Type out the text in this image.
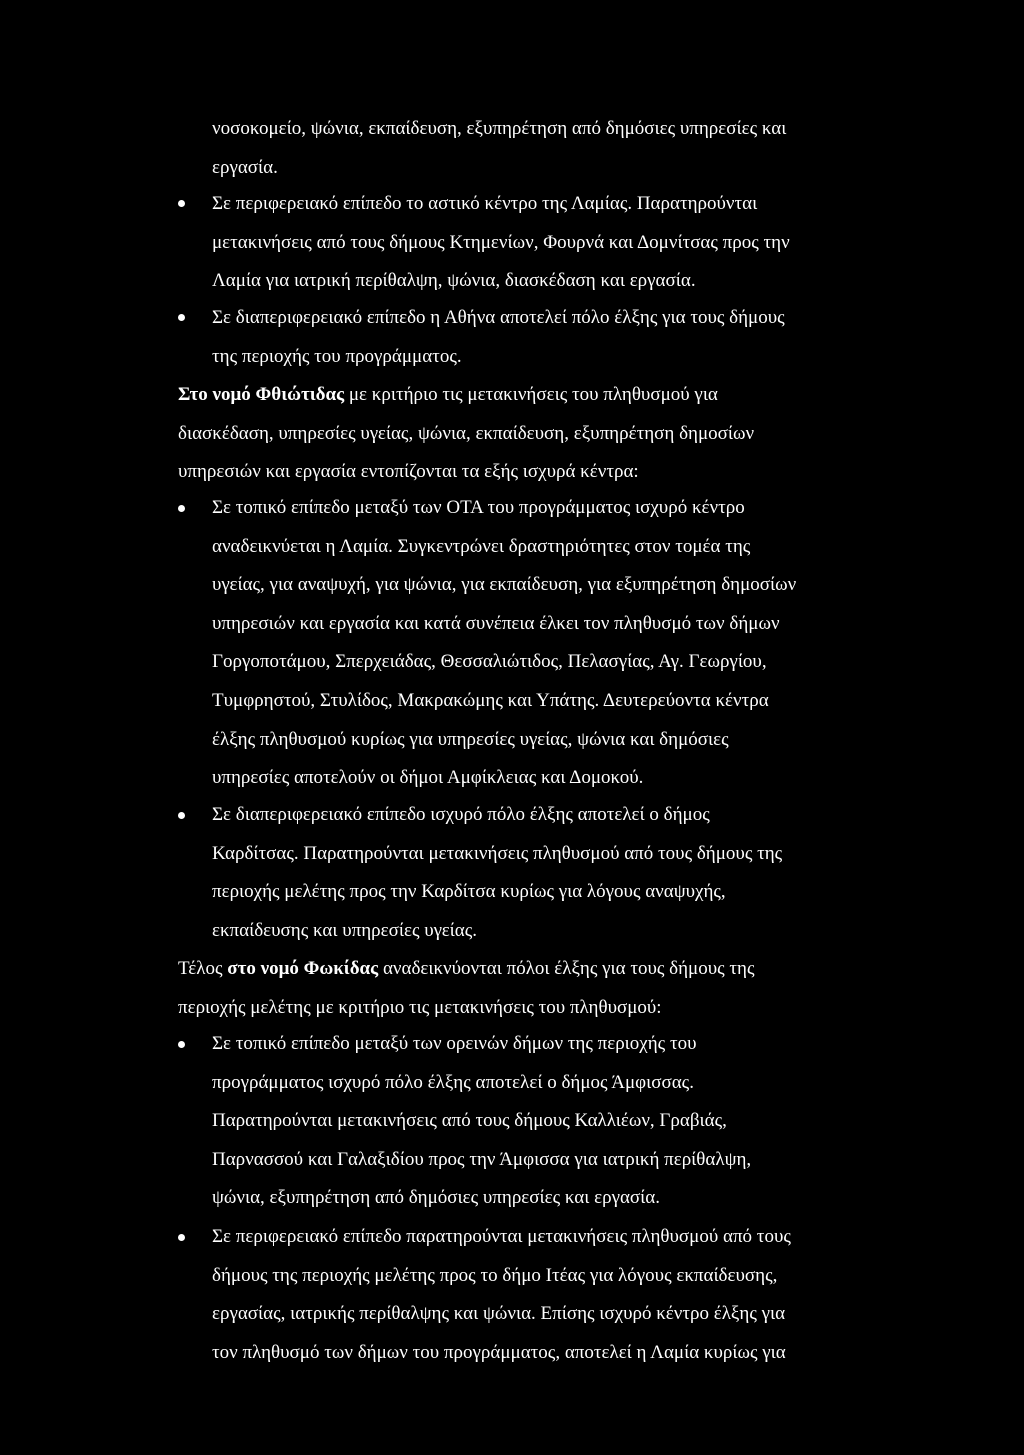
νοσοκομείο, ψώνια, εκπαίδευση, εξυπηρέτηση από δημόσιες υπηρεσίες και
εργασία.
Σε περιφερειακό επίπεδο το αστικό κέντρο της Λαμίας. Παρατηρούνται
μετακινήσεις από τους δήμους Κτημενίων, Φουρνά και Δομνίτσας προς την
Λαμία για ιατρική περίθαλψη, ψώνια, διασκέδαση και εργασία.
Σε διαπεριφερειακό επίπεδο η Αθήνα αποτελεί πόλο έλξης για τους δήμους
της περιοχής του προγράμματος.
Στο νομό Φθιώτιδας με κριτήριο τις μετακινήσεις του πληθυσμού για
διασκέδαση, υπηρεσίες υγείας, ψώνια, εκπαίδευση, εξυπηρέτηση δημοσίων
υπηρεσιών και εργασία εντοπίζονται τα εξής ισχυρά κέντρα:
Σε τοπικό επίπεδο μεταξύ των ΟΤΑ του προγράμματος ισχυρό κέντρο
αναδεικνύεται η Λαμία. Συγκεντρώνει δραστηριότητες στον τομέα της
υγείας, για αναψυχή, για ψώνια, για εκπαίδευση, για εξυπηρέτηση δημοσίων
υπηρεσιών και εργασία και κατά συνέπεια έλκει τον πληθυσμό των δήμων
Γοργοποτάμου, Σπερχειάδας, Θεσσαλιώτιδος, Πελασγίας, Αγ. Γεωργίου,
Τυμφρηστού, Στυλίδος, Μακρακώμης και Υπάτης. Δευτερεύοντα κέντρα
έλξης πληθυσμού κυρίως για υπηρεσίες υγείας, ψώνια και δημόσιες
υπηρεσίες αποτελούν οι δήμοι Αμφίκλειας και Δομοκού.
Σε διαπεριφερειακό επίπεδο ισχυρό πόλο έλξης αποτελεί ο δήμος
Καρδίτσας. Παρατηρούνται μετακινήσεις πληθυσμού από τους δήμους της
περιοχής μελέτης προς την Καρδίτσα κυρίως για λόγους αναψυχής,
εκπαίδευσης και υπηρεσίες υγείας.
Τέλος στο νομό Φωκίδας αναδεικνύονται πόλοι έλξης για τους δήμους της
περιοχής μελέτης με κριτήριο τις μετακινήσεις του πληθυσμού:
Σε τοπικό επίπεδο μεταξύ των ορεινών δήμων της περιοχής του
προγράμματος ισχυρό πόλο έλξης αποτελεί ο δήμος Άμφισσας.
Παρατηρούνται μετακινήσεις από τους δήμους Καλλιέων, Γραβιάς,
Παρνασσού και Γαλαξιδίου προς την Άμφισσα για ιατρική περίθαλψη,
ψώνια, εξυπηρέτηση από δημόσιες υπηρεσίες και εργασία.
Σε περιφερειακό επίπεδο παρατηρούνται μετακινήσεις πληθυσμού από τους
δήμους της περιοχής μελέτης προς το δήμο Ιτέας για λόγους εκπαίδευσης,
εργασίας, ιατρικής περίθαλψης και ψώνια. Επίσης ισχυρό κέντρο έλξης για
τον πληθυσμό των δήμων του προγράμματος, αποτελεί η Λαμία κυρίως για
